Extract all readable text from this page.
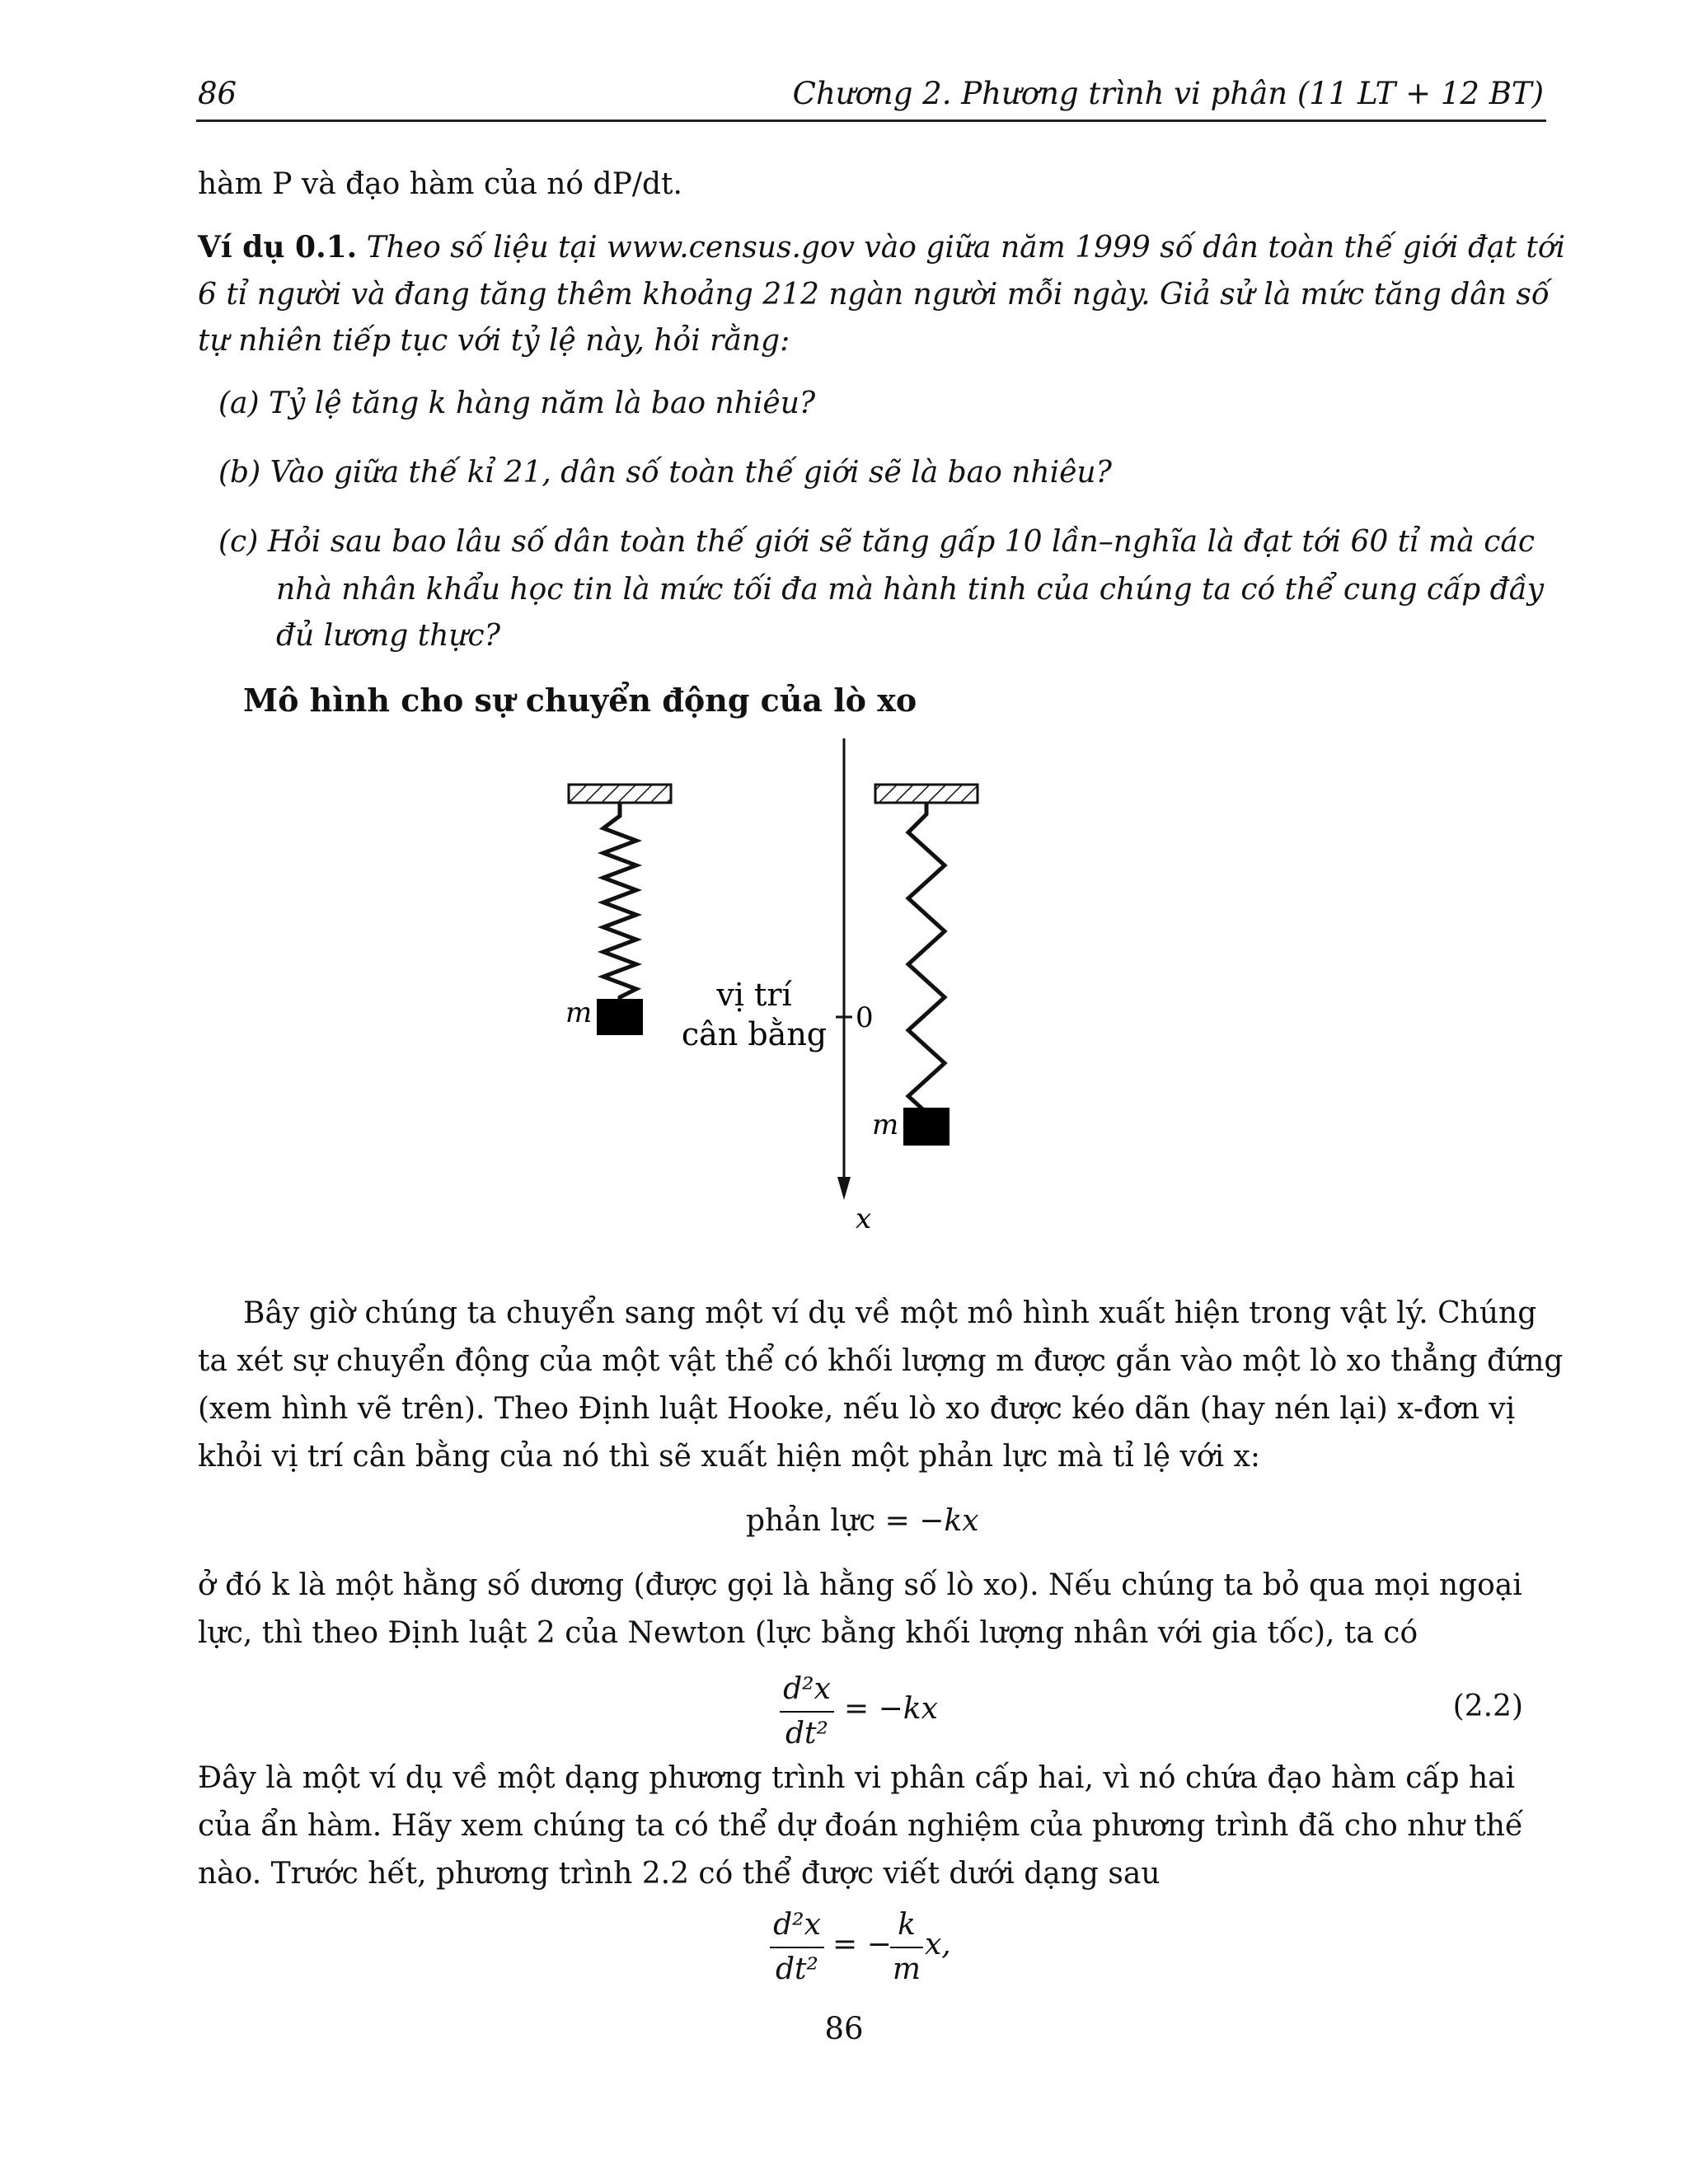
86	Chương 2. Phương trình vi phân (11 LT + 12 BT)
hàm P và đạo hàm của nó dP/dt.
Ví dụ 0.1. Theo số liệu tại www.census.gov vào giữa năm 1999 số dân toàn thế giới đạt tới
6 tỉ người và đang tăng thêm khoảng 212 ngàn người mỗi ngày. Giả sử là mức tăng dân số
tự nhiên tiếp tục với tỷ lệ này, hỏi rằng:
(a) Tỷ lệ tăng k hàng năm là bao nhiêu?
(b) Vào giữa thế kỉ 21, dân số toàn thế giới sẽ là bao nhiêu?
(c) Hỏi sau bao lâu số dân toàn thế giới sẽ tăng gấp 10 lần–nghĩa là đạt tới 60 tỉ mà các
nhà nhân khẩu học tin là mức tối đa mà hành tinh của chúng ta có thể cung cấp đầy
đủ lương thực?
Mô hình cho sự chuyển động của lò xo
m	vị trí
cân bằng 0
x
m
Bây giờ chúng ta chuyển sang một ví dụ về một mô hình xuất hiện trong vật lý. Chúng
ta xét sự chuyển động của một vật thể có khối lượng m được gắn vào một lò xo thẳng đứng
(xem hình vẽ trên). Theo Định luật Hooke, nếu lò xo được kéo dãn (hay nén lại) x-đơn vị
khỏi vị trí cân bằng của nó thì sẽ xuất hiện một phản lực mà tỉ lệ với x:
phản lực = −kx
ở đó k là một hằng số dương (được gọi là hằng số lò xo). Nếu chúng ta bỏ qua mọi ngoại
lực, thì theo Định luật 2 của Newton (lực bằng khối lượng nhân với gia tốc), ta có
d²x
dt²
= −kx	(2.2)
Đây là một ví dụ về một dạng phương trình vi phân cấp hai, vì nó chứa đạo hàm cấp hai
của ẩn hàm. Hãy xem chúng ta có thể dự đoán nghiệm của phương trình đã cho như thế
nào. Trước hết, phương trình 2.2 có thể được viết dưới dạng sau
d²x
dt²
= −
k
m
x,
86
